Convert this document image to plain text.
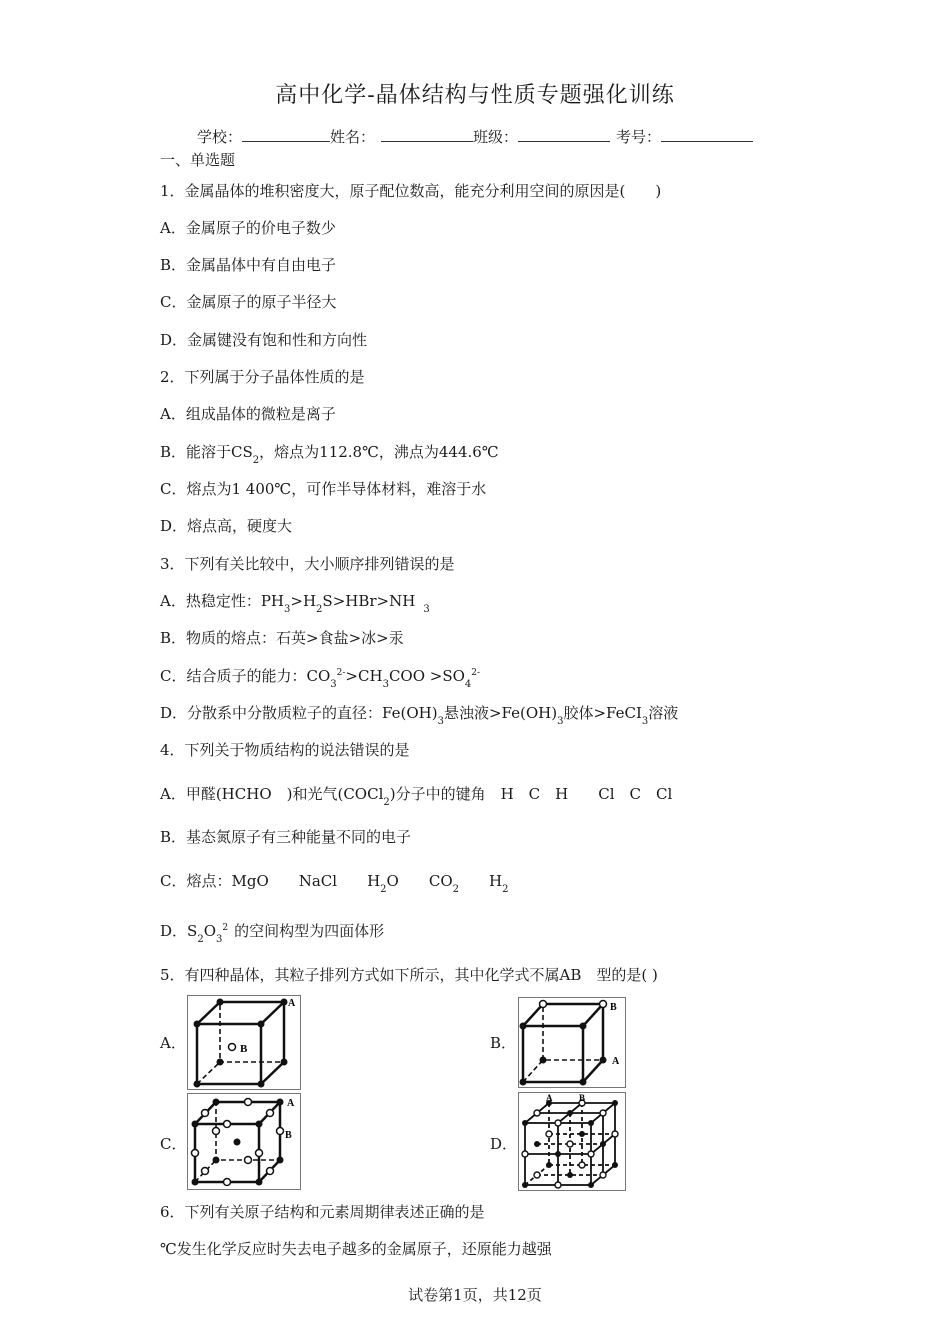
高中化学-晶体结构与性质专题强化训练
学校：	姓名：	班级：	考号：
一、单选题
1．金属晶体的堆积密度大，原子配位数高，能充分利用空间的原因是(　　)
A．金属原子的价电子数少
B．金属晶体中有自由电子
C．金属原子的原子半径大
D．金属键没有饱和性和方向性
2．下列属于分子晶体性质的是
A．组成晶体的微粒是离子
B．能溶于$CS_2$，熔点为112.8℃，沸点为444.6℃
C．熔点为1 400℃，可作半导体材料，难溶于水
D．熔点高，硬度大
3．下列有关比较中，大小顺序排列错误的是
A．热稳定性：$PH_3>H_2S>HBr>NH$ $_3$
B．物质的熔点：石英>食盐>冰>汞
C．结合质子的能力：$CO_3^{2-}>CH_3COO >SO_4^{2-}$
D．分散系中分散质粒子的直径：$Fe(OH)_3$悬浊液$>Fe(OH)_3$胶体>FeCI$_3$溶液
4．下列关于物质结构的说法错误的是
A．甲醛(HCHO　)和光气(COCl$_2$)分子中的键角　H　C　H　　Cl　C　Cl
B．基态氮原子有三种能量不同的电子
C．熔点：MgO　　NaCl　　$H_2O$　　$CO_2$　　$H_2$
D．$S_2O_3^2$ 的空间构型为四面体形
5．有四种晶体，其粒子排列方式如下所示，其中化学式不属AB　型的是( )
A．	B
A
B．
B
A
C．
A
B	D．
A	B
6．下列有关原子结构和元素周期律表述正确的是
℃发生化学反应时失去电子越多的金属原子，还原能力越强
试卷第1页，共12页
